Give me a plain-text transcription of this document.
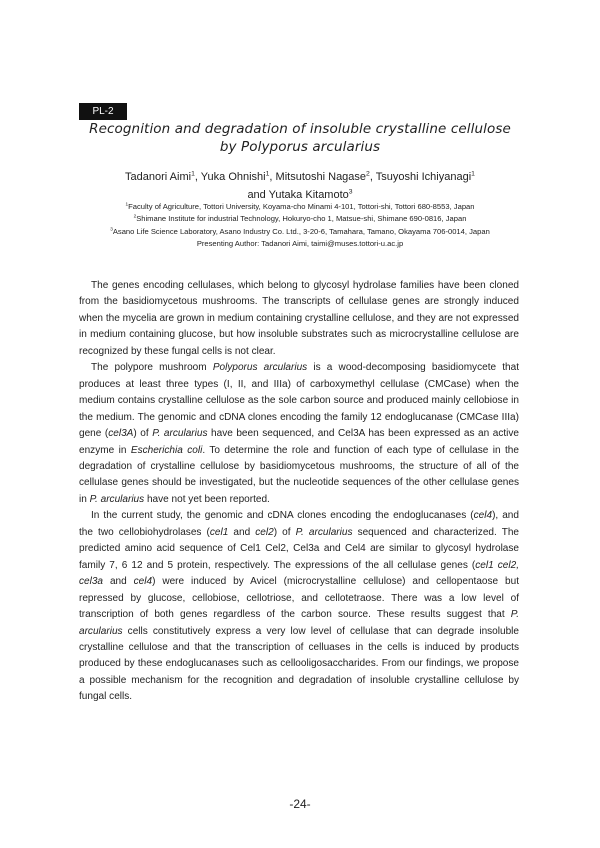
PL-2
Recognition and degradation of insoluble crystalline cellulose
by Polyporus arcularius
Tadanori Aimi$^1$, Yuka Ohnishi$^1$, Mitsutoshi Nagase$^2$, Tsuyoshi Ichiyanagi$^1$
and Yutaka Kitamoto$^3$
$^1$Faculty of Agriculture, Tottori University, Koyama-cho Minami 4-101, Tottori-shi, Tottori 680-8553, Japan
$^2$Shimane Institute for industrial Technology, Hokuryo-cho 1, Matsue-shi, Shimane 690-0816, Japan
$^3$Asano Life Science Laboratory, Asano Industry Co. Ltd., 3-20-6, Tamahara, Tamano, Okayama 706-0014, Japan
Presenting Author: Tadanori Aimi, taimi@muses.tottori-u.ac.jp

The genes encoding cellulases, which belong to glycosyl hydrolase families have been cloned from the basidiomycetous mushrooms. The transcripts of cellulase genes are strongly induced when the mycelia are grown in medium containing crystalline cellulose, and they are not expressed in medium containing glucose, but how insoluble substrates such as microcrystalline cellulose are recognized by these fungal cells is not clear.

The polypore mushroom Polyporus arcularius is a wood-decomposing basidiomycete that produces at least three types (I, II, and IIIa) of carboxymethyl cellulase (CMCase) when the medium contains crystalline cellulose as the sole carbon source and produced mainly cellobiose in the medium. The genomic and cDNA clones encoding the family 12 endoglucanase (CMCase IIIa) gene (cel3A) of P. arcularius have been sequenced, and Cel3A has been expressed as an active enzyme in Escherichia coli. To determine the role and function of each type of cellulase in the degradation of crystalline cellulose by basidiomycetous mushrooms, the structure of all of the cellulase genes should be investigated, but the nucleotide sequences of the other cellulase genes in P. arcularius have not yet been reported.

In the current study, the genomic and cDNA clones encoding the endoglucanases (cel4), and the two cellobiohydrolases (cel1 and cel2) of P. arcularius sequenced and characterized. The predicted amino acid sequence of Cel1 Cel2, Cel3a and Cel4 are similar to glycosyl hydrolase family 7, 6 12 and 5 protein, respectively. The expressions of the all cellulase genes (cel1 cel2, cel3a and cel4) were induced by Avicel (microcrystalline cellulose) and cellopentaose but repressed by glucose, cellobiose, cellotriose, and cellotetraose. There was a low level of transcription of both genes regardless of the carbon source. These results suggest that P. arcularius cells constitutively express a very low level of cellulase that can degrade insoluble crystalline cellulose and that the transcription of celluases in the cells is induced by products produced by these endoglucanases such as cellooligosaccharides. From our findings, we propose a possible mechanism for the recognition and degradation of insoluble crystalline cellulose by fungal cells.

-24-
